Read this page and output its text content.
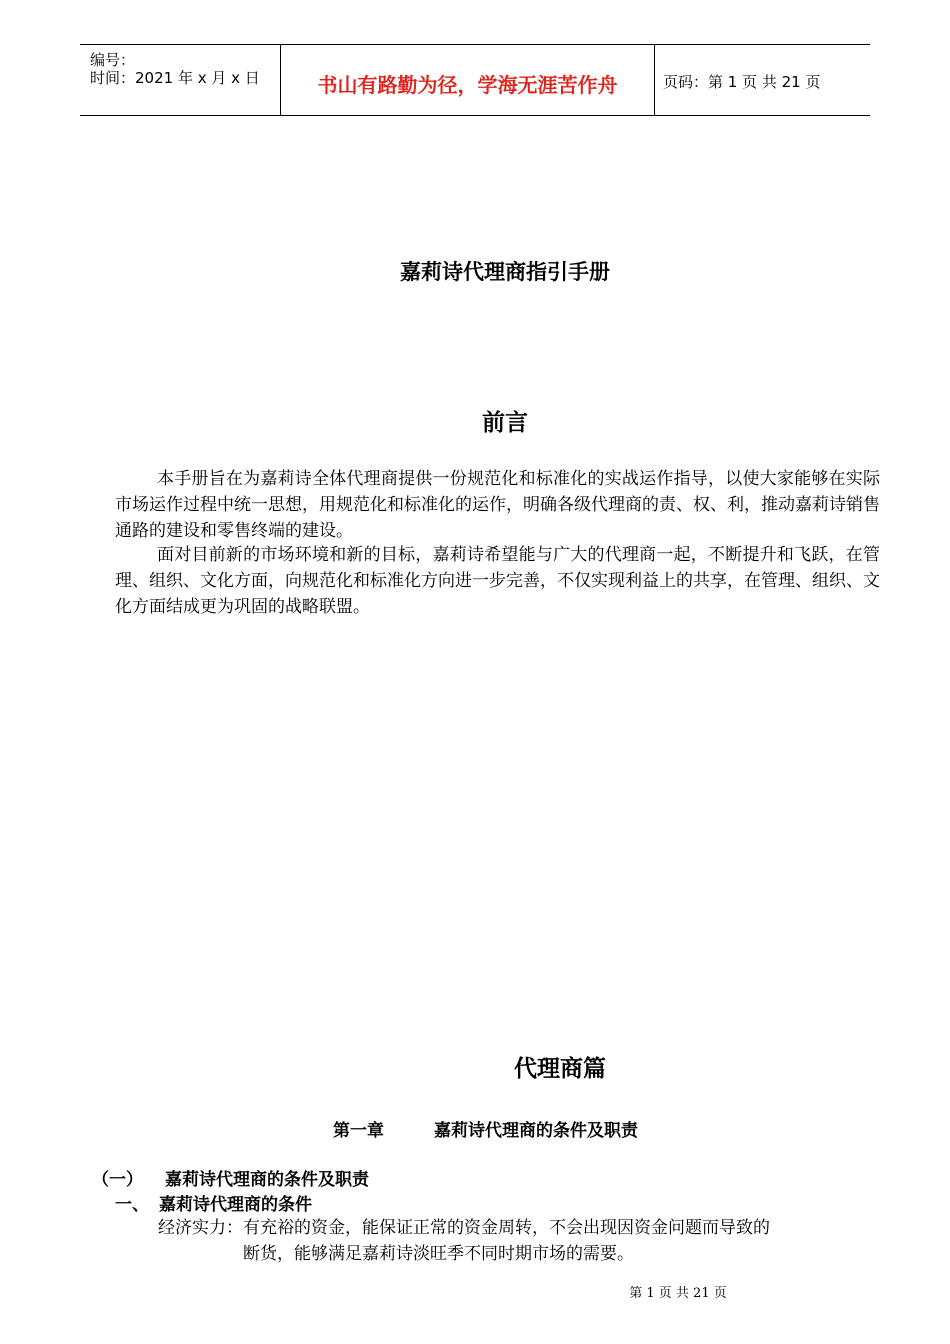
编号：
时间：2021 年 x 月 x 日	书山有路勤为径，学海无涯苦作舟	页码：第 1 页 共 21 页
嘉莉诗代理商指引手册
前言
本手册旨在为嘉莉诗全体代理商提供一份规范化和标准化的实战运作指导，以使大家能够在实际市场运作过程中统一思想，用规范化和标准化的运作，明确各级代理商的责、权、利，推动嘉莉诗销售通路的建设和零售终端的建设。
面对目前新的市场环境和新的目标，嘉莉诗希望能与广大的代理商一起，不断提升和飞跃，在管理、组织、文化方面，向规范化和标准化方向进一步完善，不仅实现利益上的共享，在管理、组织、文化方面结成更为巩固的战略联盟。
代理商篇
第一章	嘉莉诗代理商的条件及职责
（一） 嘉莉诗代理商的条件及职责
一、 嘉莉诗代理商的条件
经济实力：有充裕的资金，能保证正常的资金周转，不会出现因资金问题而导致的
断货，能够满足嘉莉诗淡旺季不同时期市场的需要。
第 1 页 共 21 页
